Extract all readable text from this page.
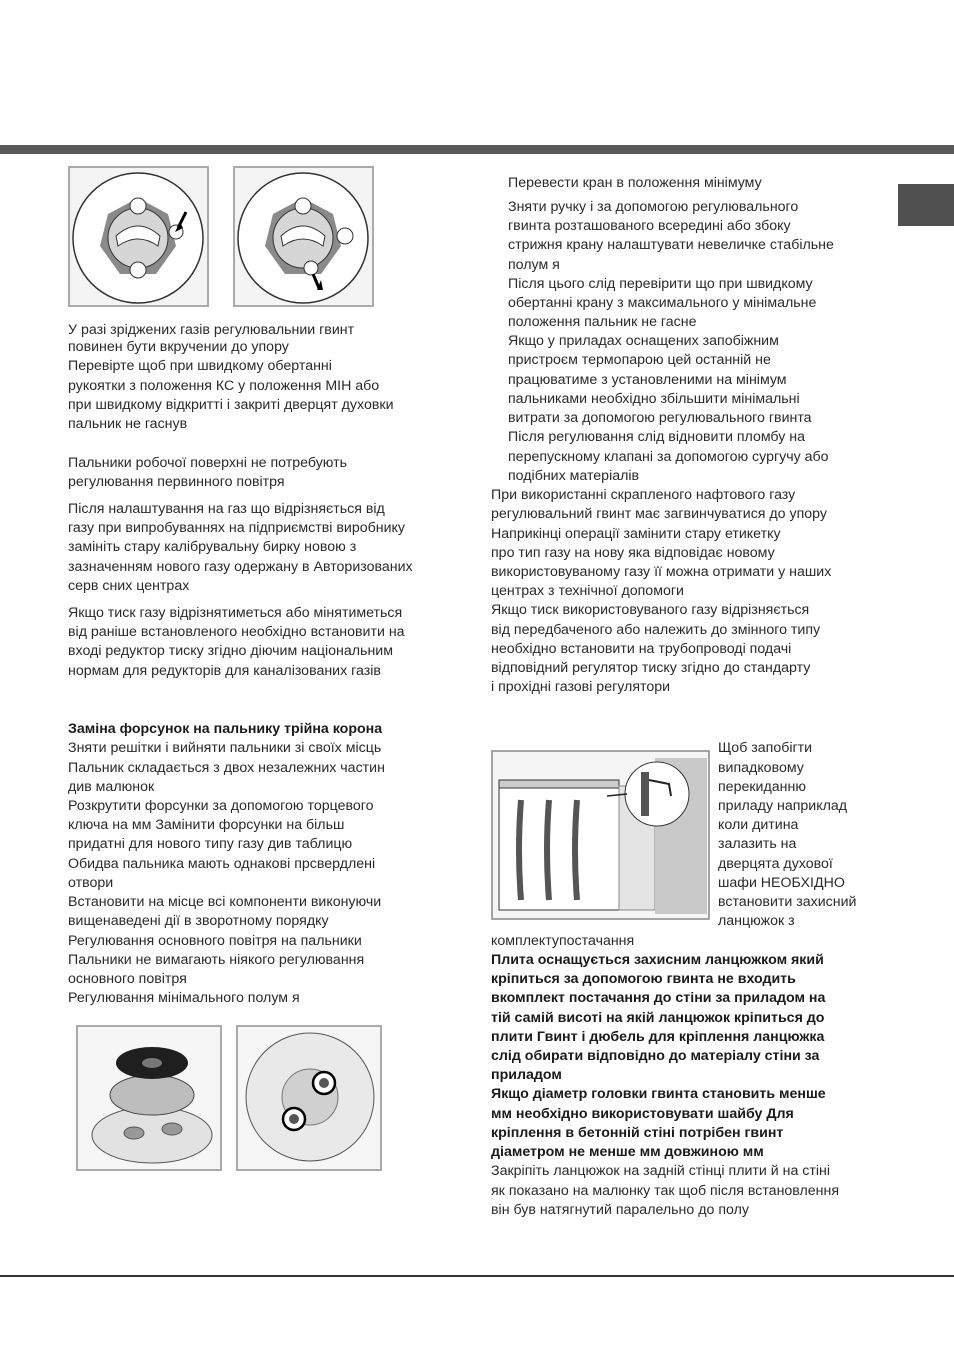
У разі зріджених газів регулювальнии гвинт
повинен бути вкручении до упору
Перевірте щоб при швидкому обертанні
рукоятки з положення КС у положення МІН або
при швидкому відкритті і закриті дверцят духовки
пальник не гаснув
Пальники робочої поверхні не потребують
регулювання первинного повітря
Після налаштування на газ що відрізняється від
газу при випробуваннях на підприємстві виробнику
замініть стару калібрувальну бирку новою з
зазначенням нового газу одержану в Авторизованих
серв сних центрах
Якщо тиск газу відрізнятиметься або мінятиметься
від раніше встановленого необхідно встановити на
вході редуктор тиску згідно діючим національним
нормам для редукторів для каналізованих газів
Заміна форсунок на пальнику трійна корона
Зняти решітки і вийняти пальники зі своїх місць
Пальник складається з двох незалежних частин
див малюнок
Розкрутити форсунки за допомогою торцевого
ключа на мм Замінити форсунки на більш
придатні для нового типу газу див таблицю
Обидва пальника мають однакові прсвердлені
отвори
Встановити на місце всі компоненти виконуючи
вищенаведені дії в зворотному порядку
Регулювання основного повітря на пальники
Пальники не вимагають ніякого регулювання
основного повітря
Регулювання мінімального полум я
Перевести кран в положення мінімуму
Зняти ручку і за допомогою регулювального
гвинта розташованого всередині або збоку
стрижня крану налаштувати невеличке стабільне
полум я
Після цього слід перевірити що при швидкому
обертанні крану з максимального у мінімальне
положення пальник не гасне
Якщо у приладах оснащених запобіжним
пристроєм термопарою цей останній не
працюватиме з установленими на мінімум
пальниками необхідно збільшити мінімальні
витрати за допомогою регулювального гвинта
Після регулювання слід відновити пломбу на
перепускному клапані за допомогою сургучу або
подібних матеріалів
При використанні скрапленого нафтового газу
регулювальний гвинт має загвинчуватися до упору
Наприкінці операції замінити стару етикетку
про тип газу на нову яка відповідає новому
використовуваному газу її можна отримати у наших
центрах з технічної допомоги
Якщо тиск використовуваного газу відрізняється
від передбаченого або належить до змінного типу
необхідно встановити на трубопроводі подачі
відповідний регулятор тиску згідно до стандарту
і прохідні газові регулятори
Щоб запобігти
випадковому
перекиданню
приладу наприклад
коли дитина
залазить на
дверцята духової
шафи НЕОБХІДНО
встановити захисний
ланцюжок з
комплектупостачання
Плита оснащується захисним ланцюжком який
кріпиться за допомогою гвинта не входить
вкомплект постачання до стіни за приладом на
тій самій висоті на якій ланцюжок кріпиться до
плити Гвинт і дюбель для кріплення ланцюжка
слід обирати відповідно до матеріалу стіни за
приладом
Якщо діаметр головки гвинта становить менше
мм необхідно використовувати шайбу Для
кріплення в бетонній стіні потрібен гвинт
діаметром не менше мм довжиною мм
Закріпіть ланцюжок на задній стінці плити й на стіні
як показано на малюнку так щоб після встановлення
він був натягнутий паралельно до полу
